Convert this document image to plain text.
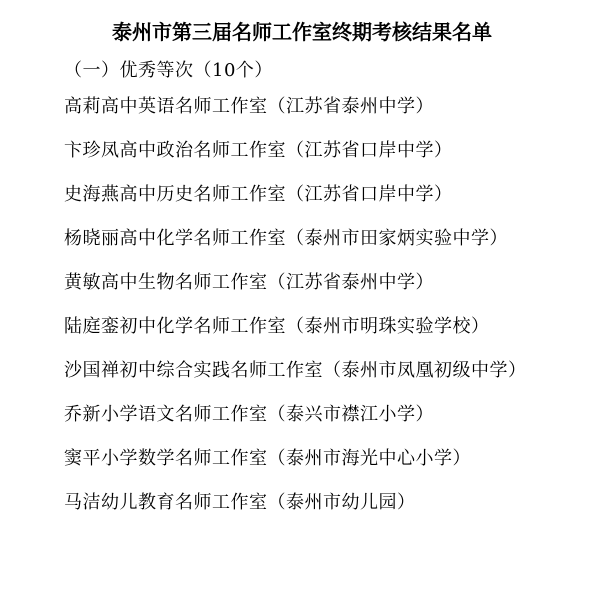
泰州市第三届名师工作室终期考核结果名单
（一）优秀等次（10个）
高莉高中英语名师工作室（江苏省泰州中学）
卞珍凤高中政治名师工作室（江苏省口岸中学）
史海燕高中历史名师工作室（江苏省口岸中学）
杨晓丽高中化学名师工作室（泰州市田家炳实验中学）
黄敏高中生物名师工作室（江苏省泰州中学）
陆庭銮初中化学名师工作室（泰州市明珠实验学校）
沙国禅初中综合实践名师工作室（泰州市凤凰初级中学）
乔新小学语文名师工作室（泰兴市襟江小学）
窦平小学数学名师工作室（泰州市海光中心小学）
马洁幼儿教育名师工作室（泰州市幼儿园）
